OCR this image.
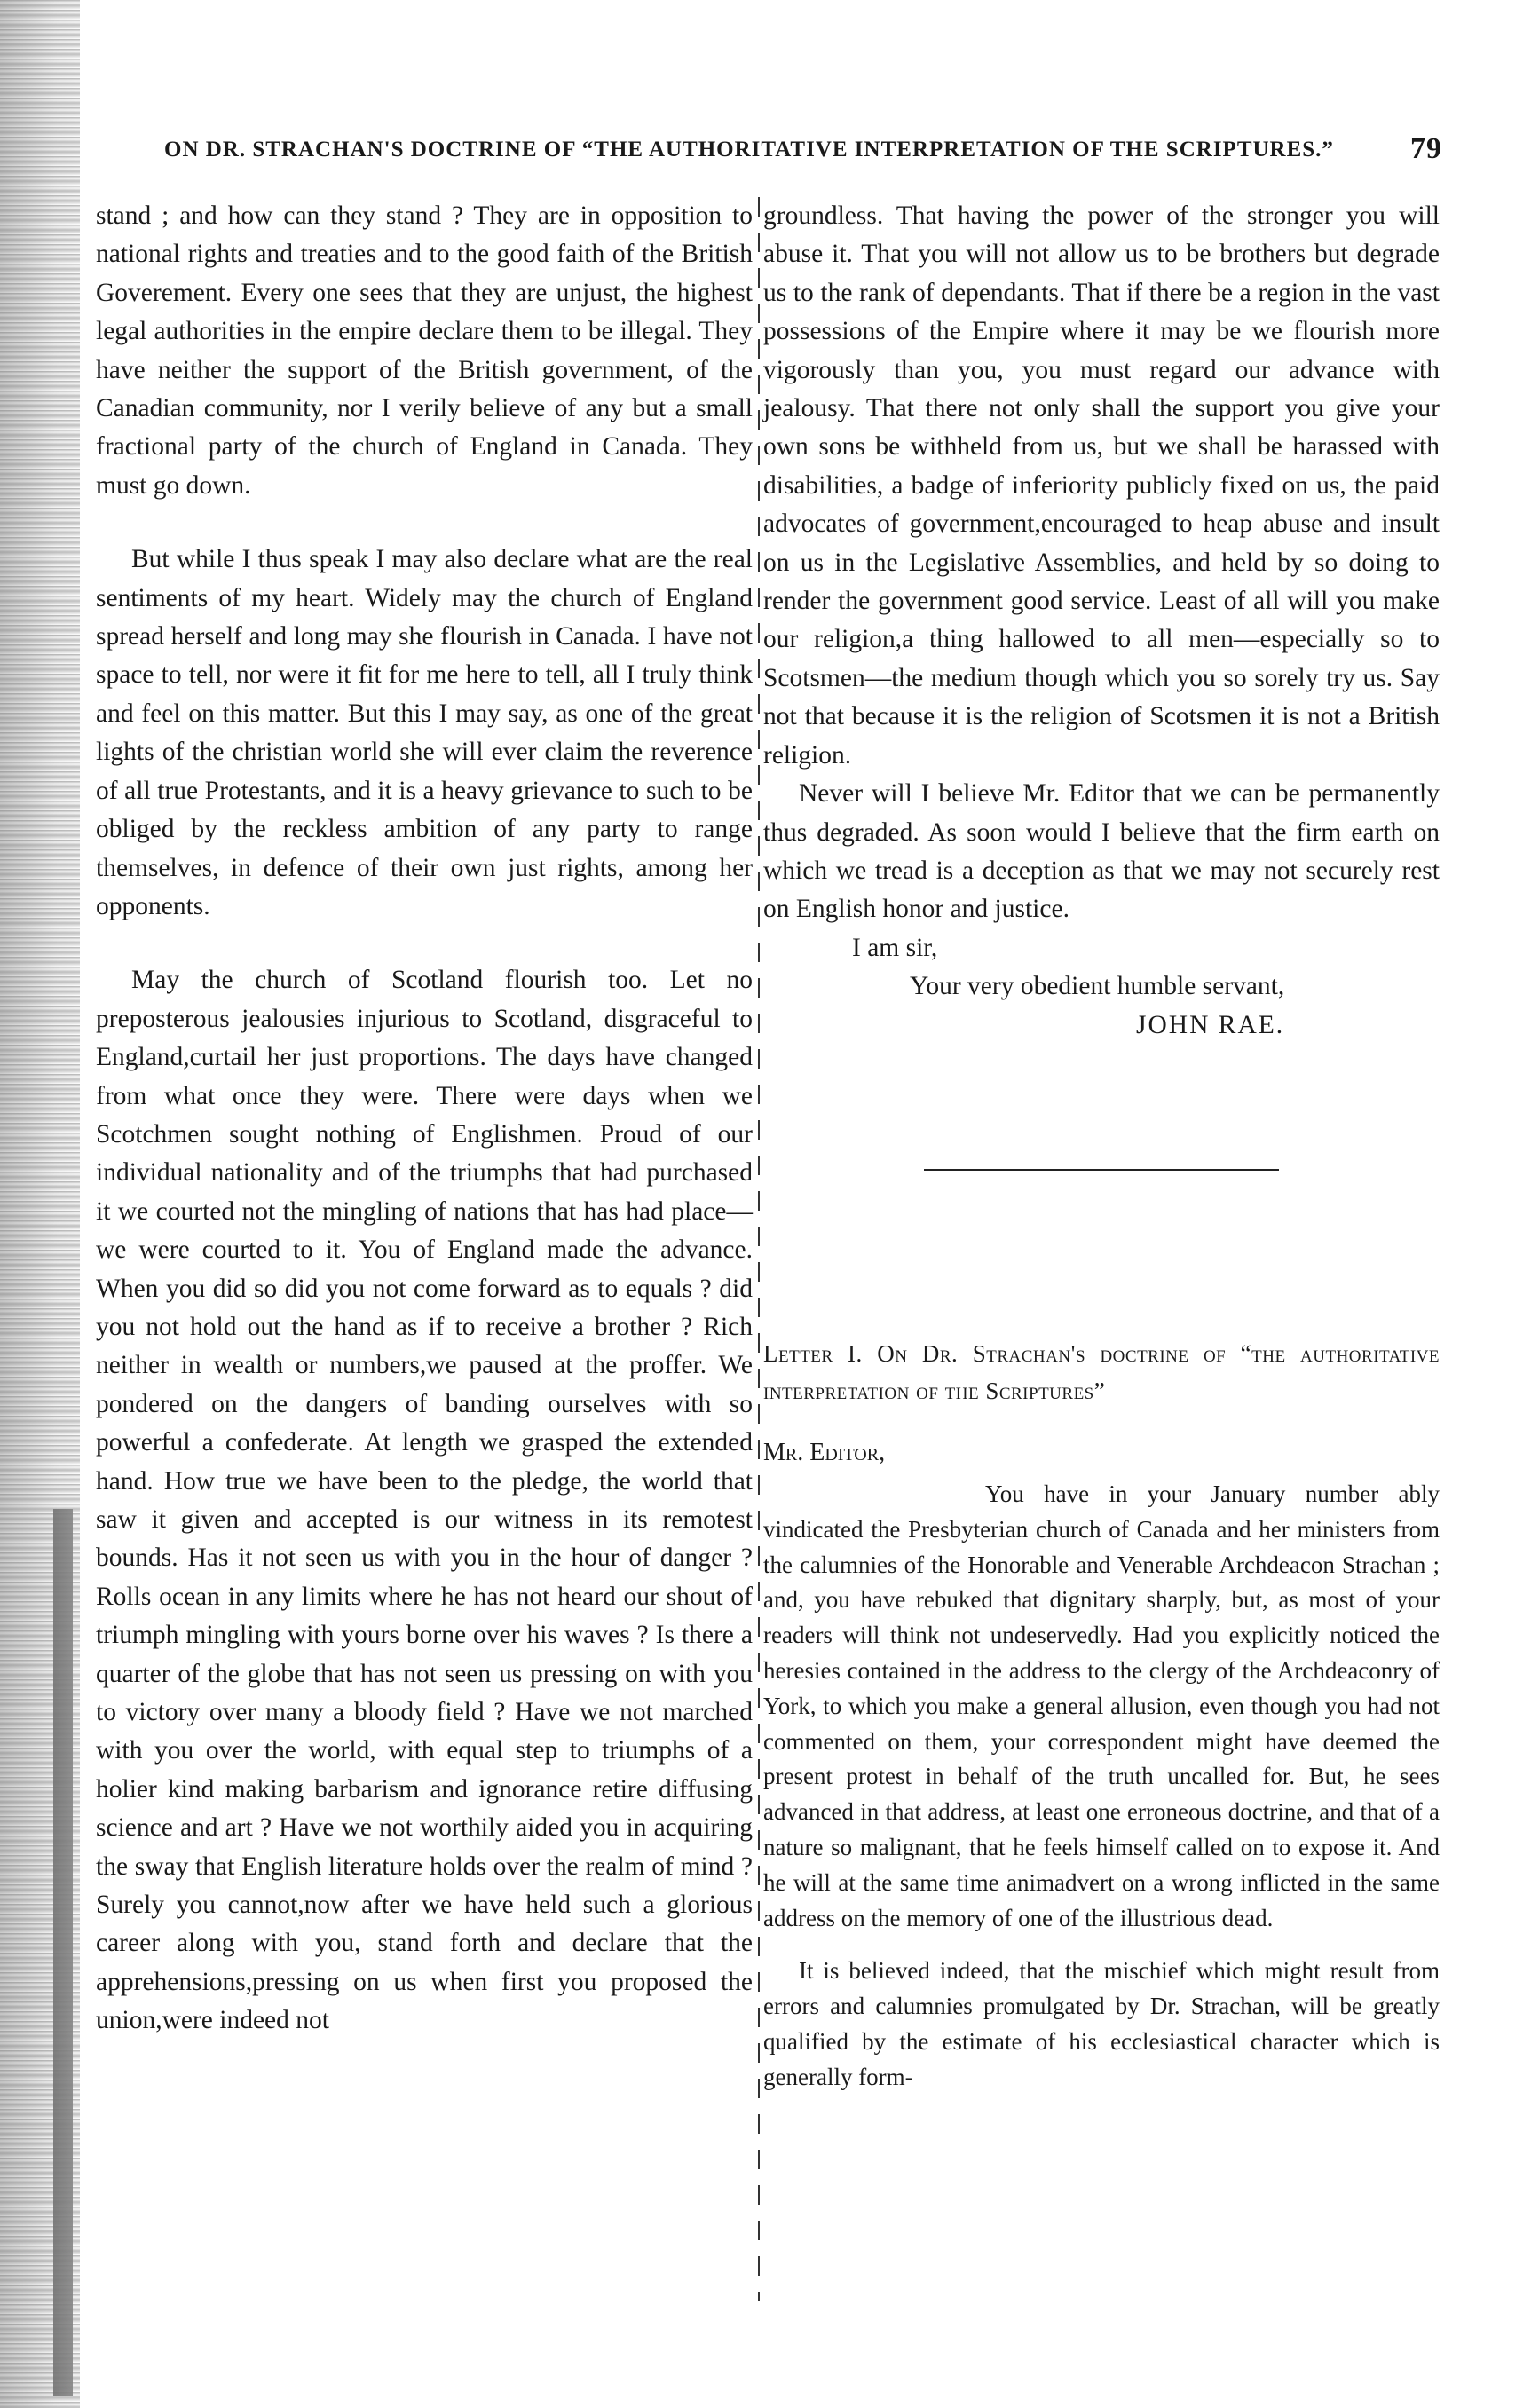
ON DR. STRACHAN'S DOCTRINE OF “THE AUTHORITATIVE INTERPRETATION OF THE SCRIPTURES.”	79

stand ; and how can they stand ? They are in opposition to national rights and treaties and to the good faith of the British Goverement. Every one sees that they are unjust, the highest legal authorities in the empire declare them to be illegal. They have neither the support of the British government, of the Canadian community, nor I verily believe of any but a small fractional party of the church of England in Canada. They must go down.

But while I thus speak I may also declare what are the real sentiments of my heart. Widely may the church of England spread herself and long may she flourish in Canada. I have not space to tell, nor were it fit for me here to tell, all I truly think and feel on this matter. But this I may say, as one of the great lights of the christian world she will ever claim the reverence of all true Protestants, and it is a heavy grievance to such to be obliged by the reckless ambition of any party to range themselves, in defence of their own just rights, among her opponents.

May the church of Scotland flourish too. Let no preposterous jealousies injurious to Scotland, disgraceful to England,curtail her just proportions. The days have changed from what once they were. There were days when we Scotchmen sought nothing of Englishmen. Proud of our individual nationality and of the triumphs that had purchased it we courted not the mingling of nations that has had place—we were courted to it. You of England made the advance. When you did so did you not come forward as to equals ? did you not hold out the hand as if to receive a brother ? Rich neither in wealth or numbers,we paused at the proffer. We pondered on the dangers of banding ourselves with so powerful a confederate. At length we grasped the extended hand. How true we have been to the pledge, the world that saw it given and accepted is our witness in its remotest bounds. Has it not seen us with you in the hour of danger ? Rolls ocean in any limits where he has not heard our shout of triumph mingling with yours borne over his waves ? Is there a quarter of the globe that has not seen us pressing on with you to victory over many a bloody field ? Have we not marched with you over the world, with equal step to triumphs of a holier kind making barbarism and ignorance retire diffusing science and art ? Have we not worthily aided you in acquiring the sway that English literature holds over the realm of mind ? Surely you cannot,now after we have held such a glorious career along with you, stand forth and declare that the apprehensions,pressing on us when first you proposed the union,were indeed not

groundless. That having the power of the stronger you will abuse it. That you will not allow us to be brothers but degrade us to the rank of dependants. That if there be a region in the vast possessions of the Empire where it may be we flourish more vigorously than you, you must regard our advance with jealousy. That there not only shall the support you give your own sons be withheld from us, but we shall be harassed with disabilities, a badge of inferiority publicly fixed on us, the paid advocates of government,encouraged to heap abuse and insult on us in the Legislative Assemblies, and held by so doing to render the government good service. Least of all will you make our religion,a thing hallowed to all men—especially so to Scotsmen—the medium though which you so sorely try us. Say not that because it is the religion of Scotsmen it is not a British religion.

Never will I believe Mr. Editor that we can be permanently thus degraded. As soon would I believe that the firm earth on which we tread is a deception as that we may not securely rest on English honor and justice.

I am sir,
Your very obedient humble servant,
JOHN RAE.
Letter I. On Dr. Strachan's doctrine of “the authoritative interpretation of the Scriptures”
Mr. Editor,

You have in your January number ably vindicated the Presbyterian church of Canada and her ministers from the calumnies of the Honorable and Venerable Archdeacon Strachan ; and, you have rebuked that dignitary sharply, but, as most of your readers will think not undeservedly. Had you explicitly noticed the heresies contained in the address to the clergy of the Archdeaconry of York, to which you make a general allusion, even though you had not commented on them, your correspondent might have deemed the present protest in behalf of the truth uncalled for. But, he sees advanced in that address, at least one erroneous doctrine, and that of a nature so malignant, that he feels himself called on to expose it. And he will at the same time animadvert on a wrong inflicted in the same address on the memory of one of the illustrious dead.

It is believed indeed, that the mischief which might result from errors and calumnies promulgated by Dr. Strachan, will be greatly qualified by the estimate of his ecclesiastical character which is generally form-
